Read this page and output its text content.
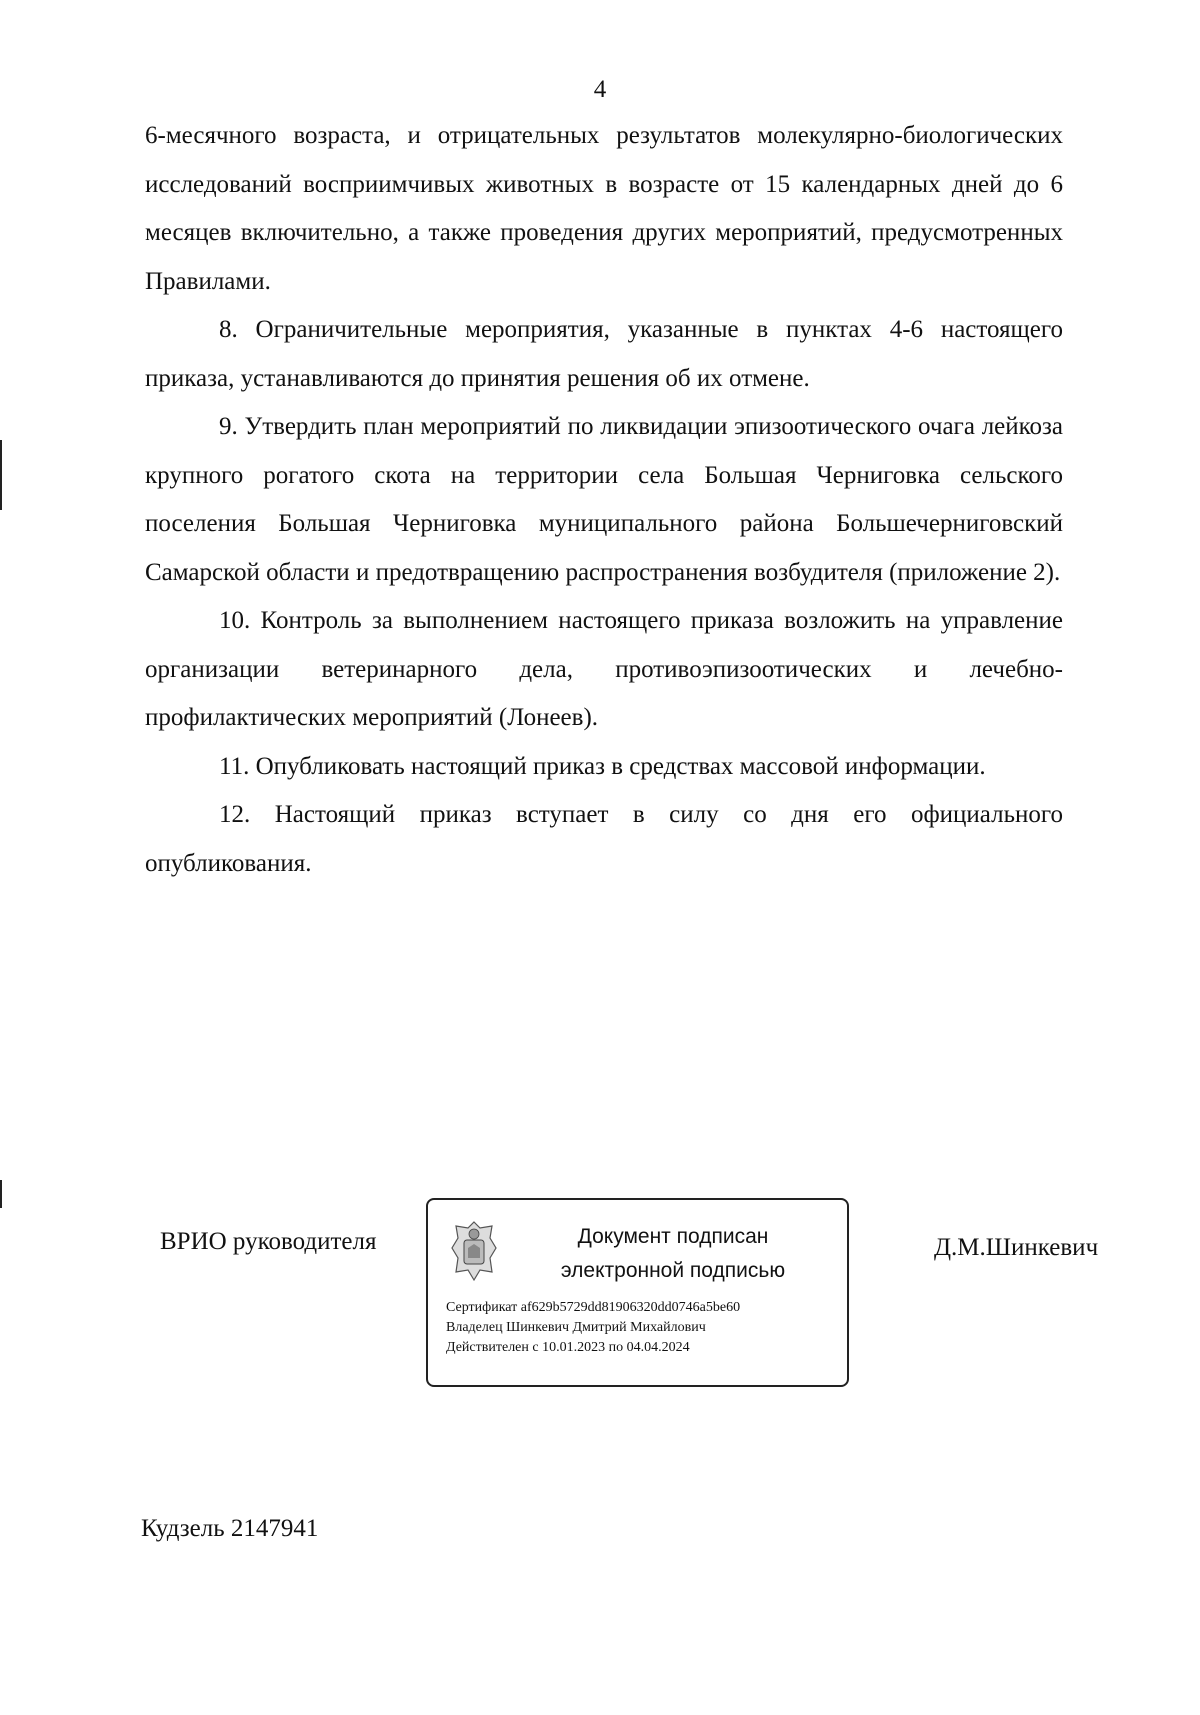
4

6-месячного возраста, и отрицательных результатов молекулярно-биологических исследований восприимчивых животных в возрасте от 15 календарных дней до 6 месяцев включительно, а также проведения других мероприятий, предусмотренных Правилами.

8. Ограничительные мероприятия, указанные в пунктах 4-6 настоящего приказа, устанавливаются до принятия решения об их отмене.

9. Утвердить план мероприятий по ликвидации эпизоотического очага лейкоза крупного рогатого скота на территории села Большая Черниговка сельского поселения Большая Черниговка муниципального района Большечерниговский Самарской области и предотвращению распространения возбудителя (приложение 2).

10. Контроль за выполнением настоящего приказа возложить на управление организации ветеринарного дела, противоэпизоотических и лечебно-профилактических мероприятий (Лонеев).

11. Опубликовать настоящий приказ в средствах массовой информации.

12. Настоящий приказ вступает в силу со дня его официального опубликования.

ВРИО руководителя	Документ подписан
электронной подписью
Сертификат af629b5729dd81906320dd0746a5be60
Владелец Шинкевич Дмитрий Михайлович
Действителен с 10.01.2023 по 04.04.2024
Д.М.Шинкевич
Кудзель 2147941
